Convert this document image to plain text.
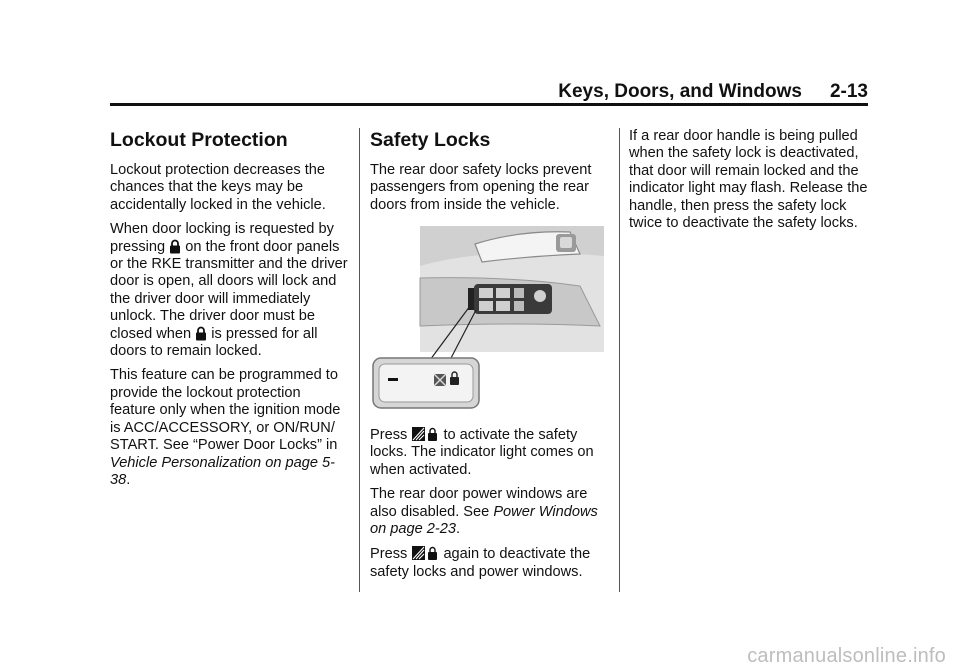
Keys, Doors, and Windows 2-13
Lockout Protection

Lockout protection decreases the chances that the keys may be accidentally locked in the vehicle.

When door locking is requested by pressing on the front door panels or the RKE transmitter and the driver door is open, all doors will lock and the driver door will immediately unlock. The driver door must be closed when is pressed for all doors to remain locked.

This feature can be programmed to provide the lockout protection feature only when the ignition mode is ACC/ACCESSORY, or ON/RUN/ START. See “Power Door Locks” in Vehicle Personalization on page 5-38.

Safety Locks

The rear door safety locks prevent passengers from opening the rear doors from inside the vehicle.

Press to activate the safety locks. The indicator light comes on when activated.

The rear door power windows are also disabled. See Power Windows on page 2-23.

Press again to deactivate the safety locks and power windows.

If a rear door handle is being pulled when the safety lock is deactivated, that door will remain locked and the indicator light may flash. Release the handle, then press the safety lock twice to deactivate the safety locks.

carmanualsonline.info
